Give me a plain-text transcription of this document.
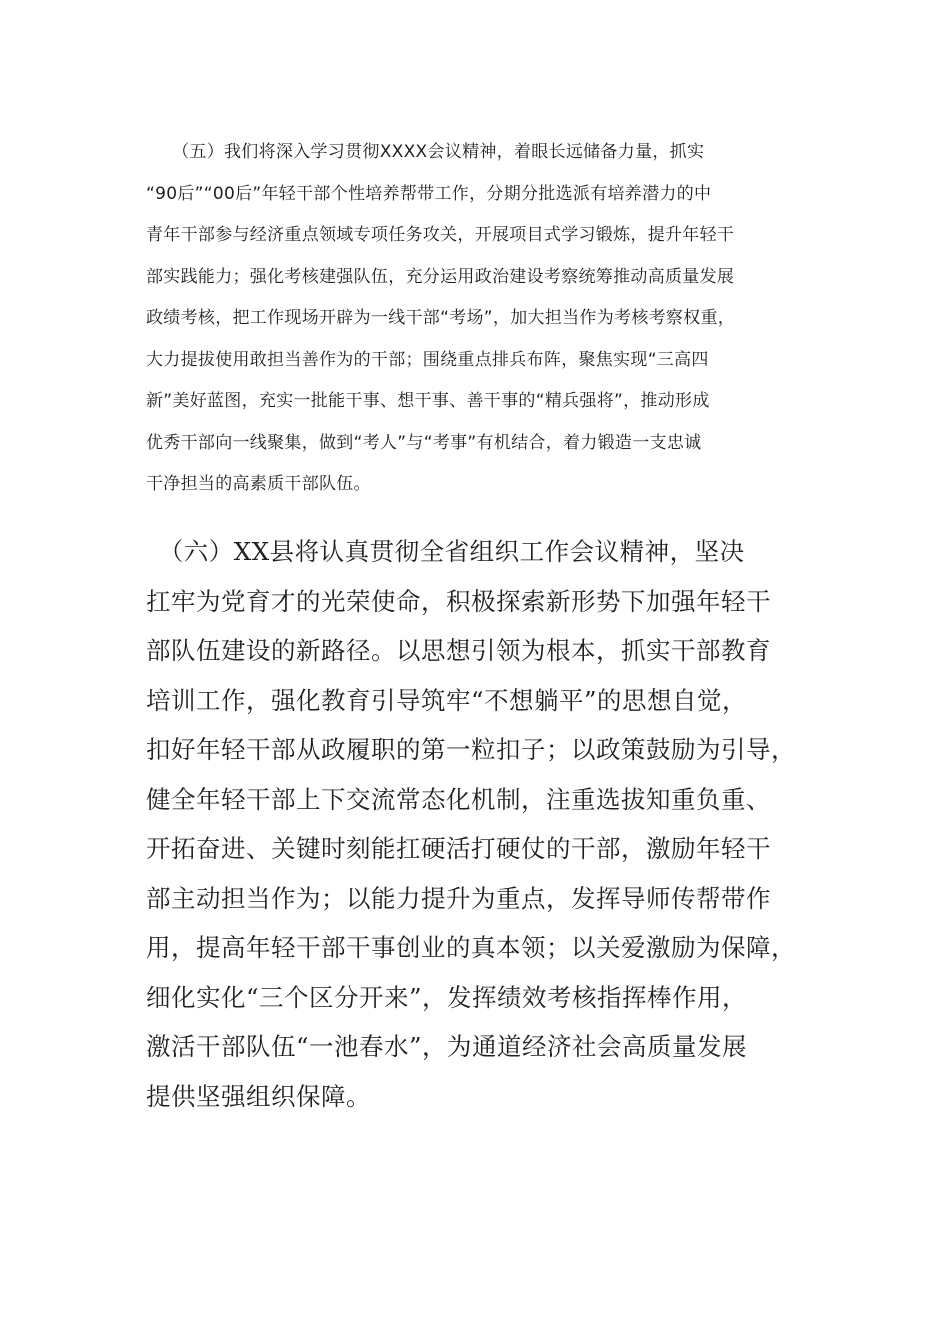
　　（五）我们将深入学习贯彻XXXX会议精神，着眼长远储备力量，抓实
“90后”“00后”年轻干部个性培养帮带工作，分期分批选派有培养潜力的中
青年干部参与经济重点领域专项任务攻关，开展项目式学习锻炼，提升年轻干
部实践能力；强化考核建强队伍，充分运用政治建设考察统筹推动高质量发展
政绩考核，把工作现场开辟为一线干部“考场”，加大担当作为考核考察权重，
大力提拔使用敢担当善作为的干部；围绕重点排兵布阵，聚焦实现“三高四
新”美好蓝图，充实一批能干事、想干事、善干事的“精兵强将”，推动形成
优秀干部向一线聚集，做到“考人”与“考事”有机结合，着力锻造一支忠诚
干净担当的高素质干部队伍。

　（六）XX县将认真贯彻全省组织工作会议精神，坚决
扛牢为党育才的光荣使命，积极探索新形势下加强年轻干
部队伍建设的新路径。以思想引领为根本，抓实干部教育
培训工作，强化教育引导筑牢“不想躺平”的思想自觉，
扣好年轻干部从政履职的第一粒扣子；以政策鼓励为引导，
健全年轻干部上下交流常态化机制，注重选拔知重负重、
开拓奋进、关键时刻能扛硬活打硬仗的干部，激励年轻干
部主动担当作为；以能力提升为重点，发挥导师传帮带作
用，提高年轻干部干事创业的真本领；以关爱激励为保障，
细化实化“三个区分开来”，发挥绩效考核指挥棒作用，
激活干部队伍“一池春水”，为通道经济社会高质量发展
提供坚强组织保障。
